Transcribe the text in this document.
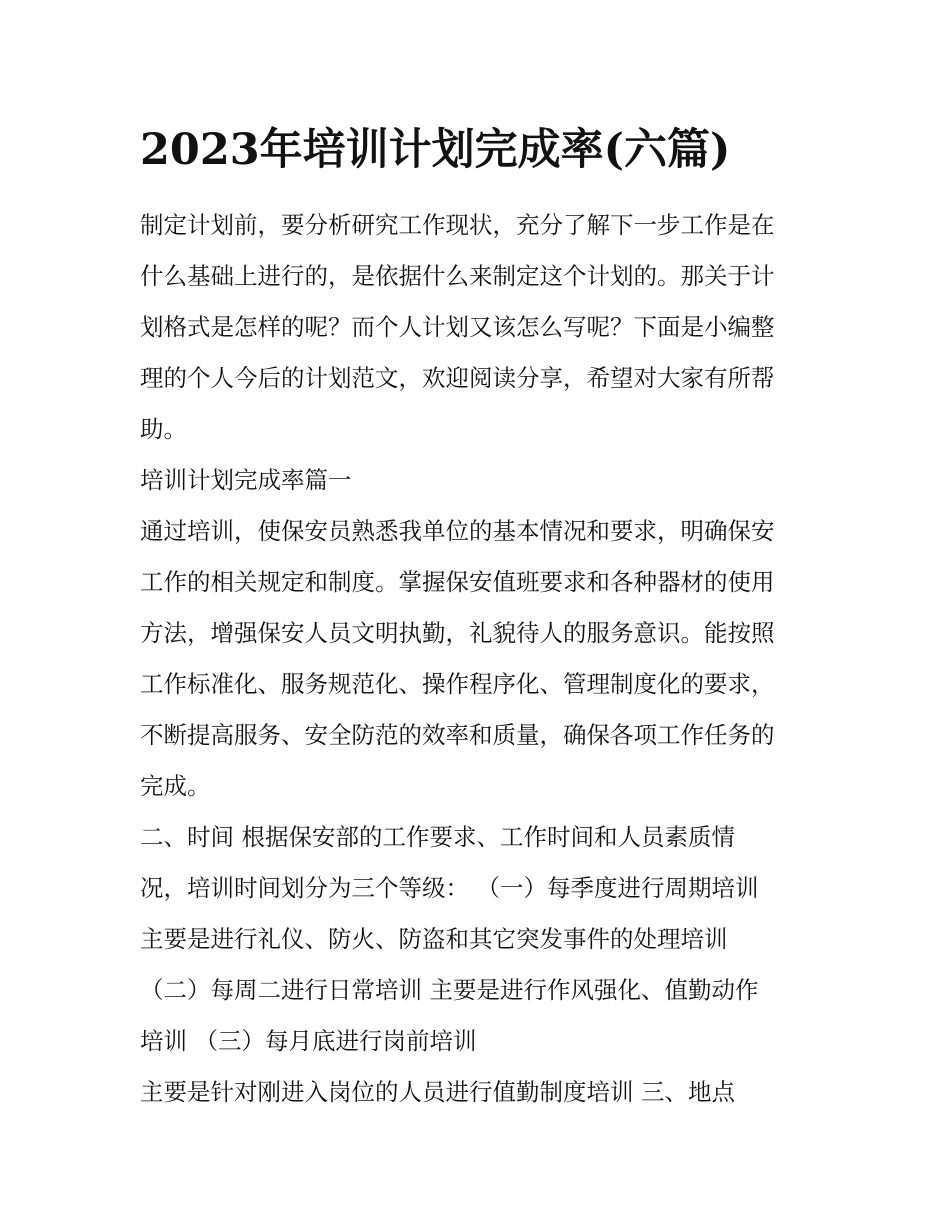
2023年培训计划完成率(六篇)
制定计划前，要分析研究工作现状，充分了解下一步工作是在
什么基础上进行的，是依据什么来制定这个计划的。那关于计
划格式是怎样的呢？而个人计划又该怎么写呢？下面是小编整
理的个人今后的计划范文，欢迎阅读分享，希望对大家有所帮
助。
培训计划完成率篇一
通过培训，使保安员熟悉我单位的基本情况和要求，明确保安
工作的相关规定和制度。掌握保安值班要求和各种器材的使用
方法，增强保安人员文明执勤，礼貌待人的服务意识。能按照
工作标准化、服务规范化、操作程序化、管理制度化的要求，
不断提高服务、安全防范的效率和质量，确保各项工作任务的
完成。
二、时间 根据保安部的工作要求、工作时间和人员素质情
况，培训时间划分为三个等级： （一）每季度进行周期培训
主要是进行礼仪、防火、防盗和其它突发事件的处理培训
（二）每周二进行日常培训 主要是进行作风强化、值勤动作
培训 （三）每月底进行岗前培训
主要是针对刚进入岗位的人员进行值勤制度培训 三、地点
